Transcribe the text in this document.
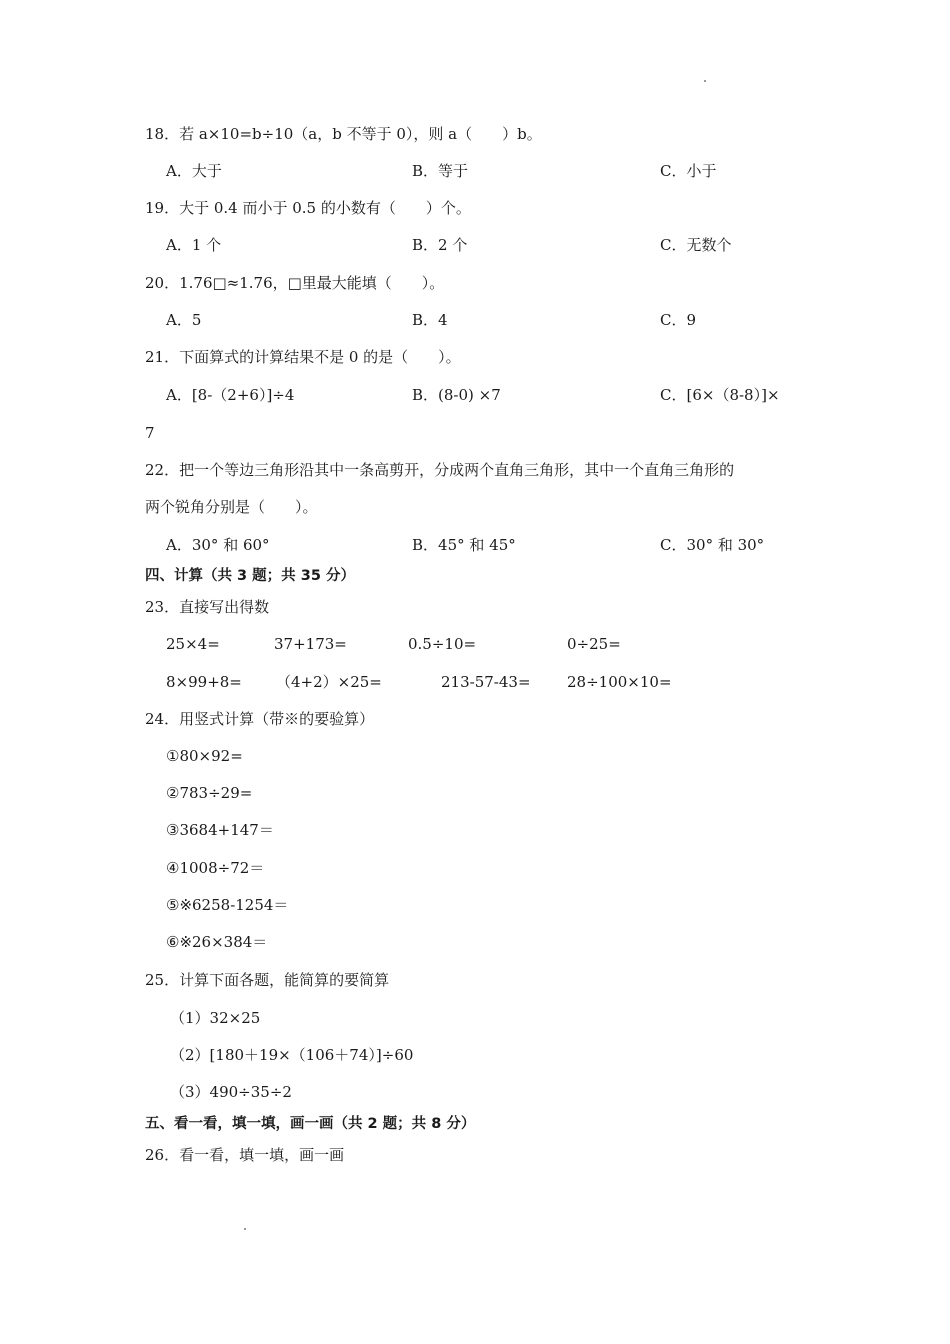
18．若 a×10=b÷10（a，b 不等于 0），则 a（　　）b。
A．大于	B．等于	C．小于
19．大于 0.4 而小于 0.5 的小数有（　　）个。
A．1 个	B．2 个	C．无数个
20．1.76□≈1.76，□里最大能填（　　）。
A．5	B．4	C．9
21．下面算式的计算结果不是 0 的是（　　）。
A．[8-（2+6）]÷4	B．(8-0) ×7	C．[6×（8-8）]×
7
22．把一个等边三角形沿其中一条高剪开，分成两个直角三角形，其中一个直角三角形的
两个锐角分别是（　　）。
A．30° 和 60°	B．45° 和 45°	C．30° 和 30°
四、计算（共 3 题；共 35 分）
23．直接写出得数
25×4=	37+173=	0.5÷10=	0÷25=
8×99+8= （4+2）×25=	213-57-43= 28÷100×10=
24．用竖式计算（带※的要验算）
①80×92=
②783÷29=
③3684+147＝
④1008÷72＝
⑤※6258-1254＝
⑥※26×384＝
25．计算下面各题，能简算的要简算
（1）32×25
（2）[180＋19×（106＋74）]÷60
（3）490÷35÷2
五、看一看，填一填，画一画（共 2 题；共 8 分）
26．看一看，填一填，画一画
